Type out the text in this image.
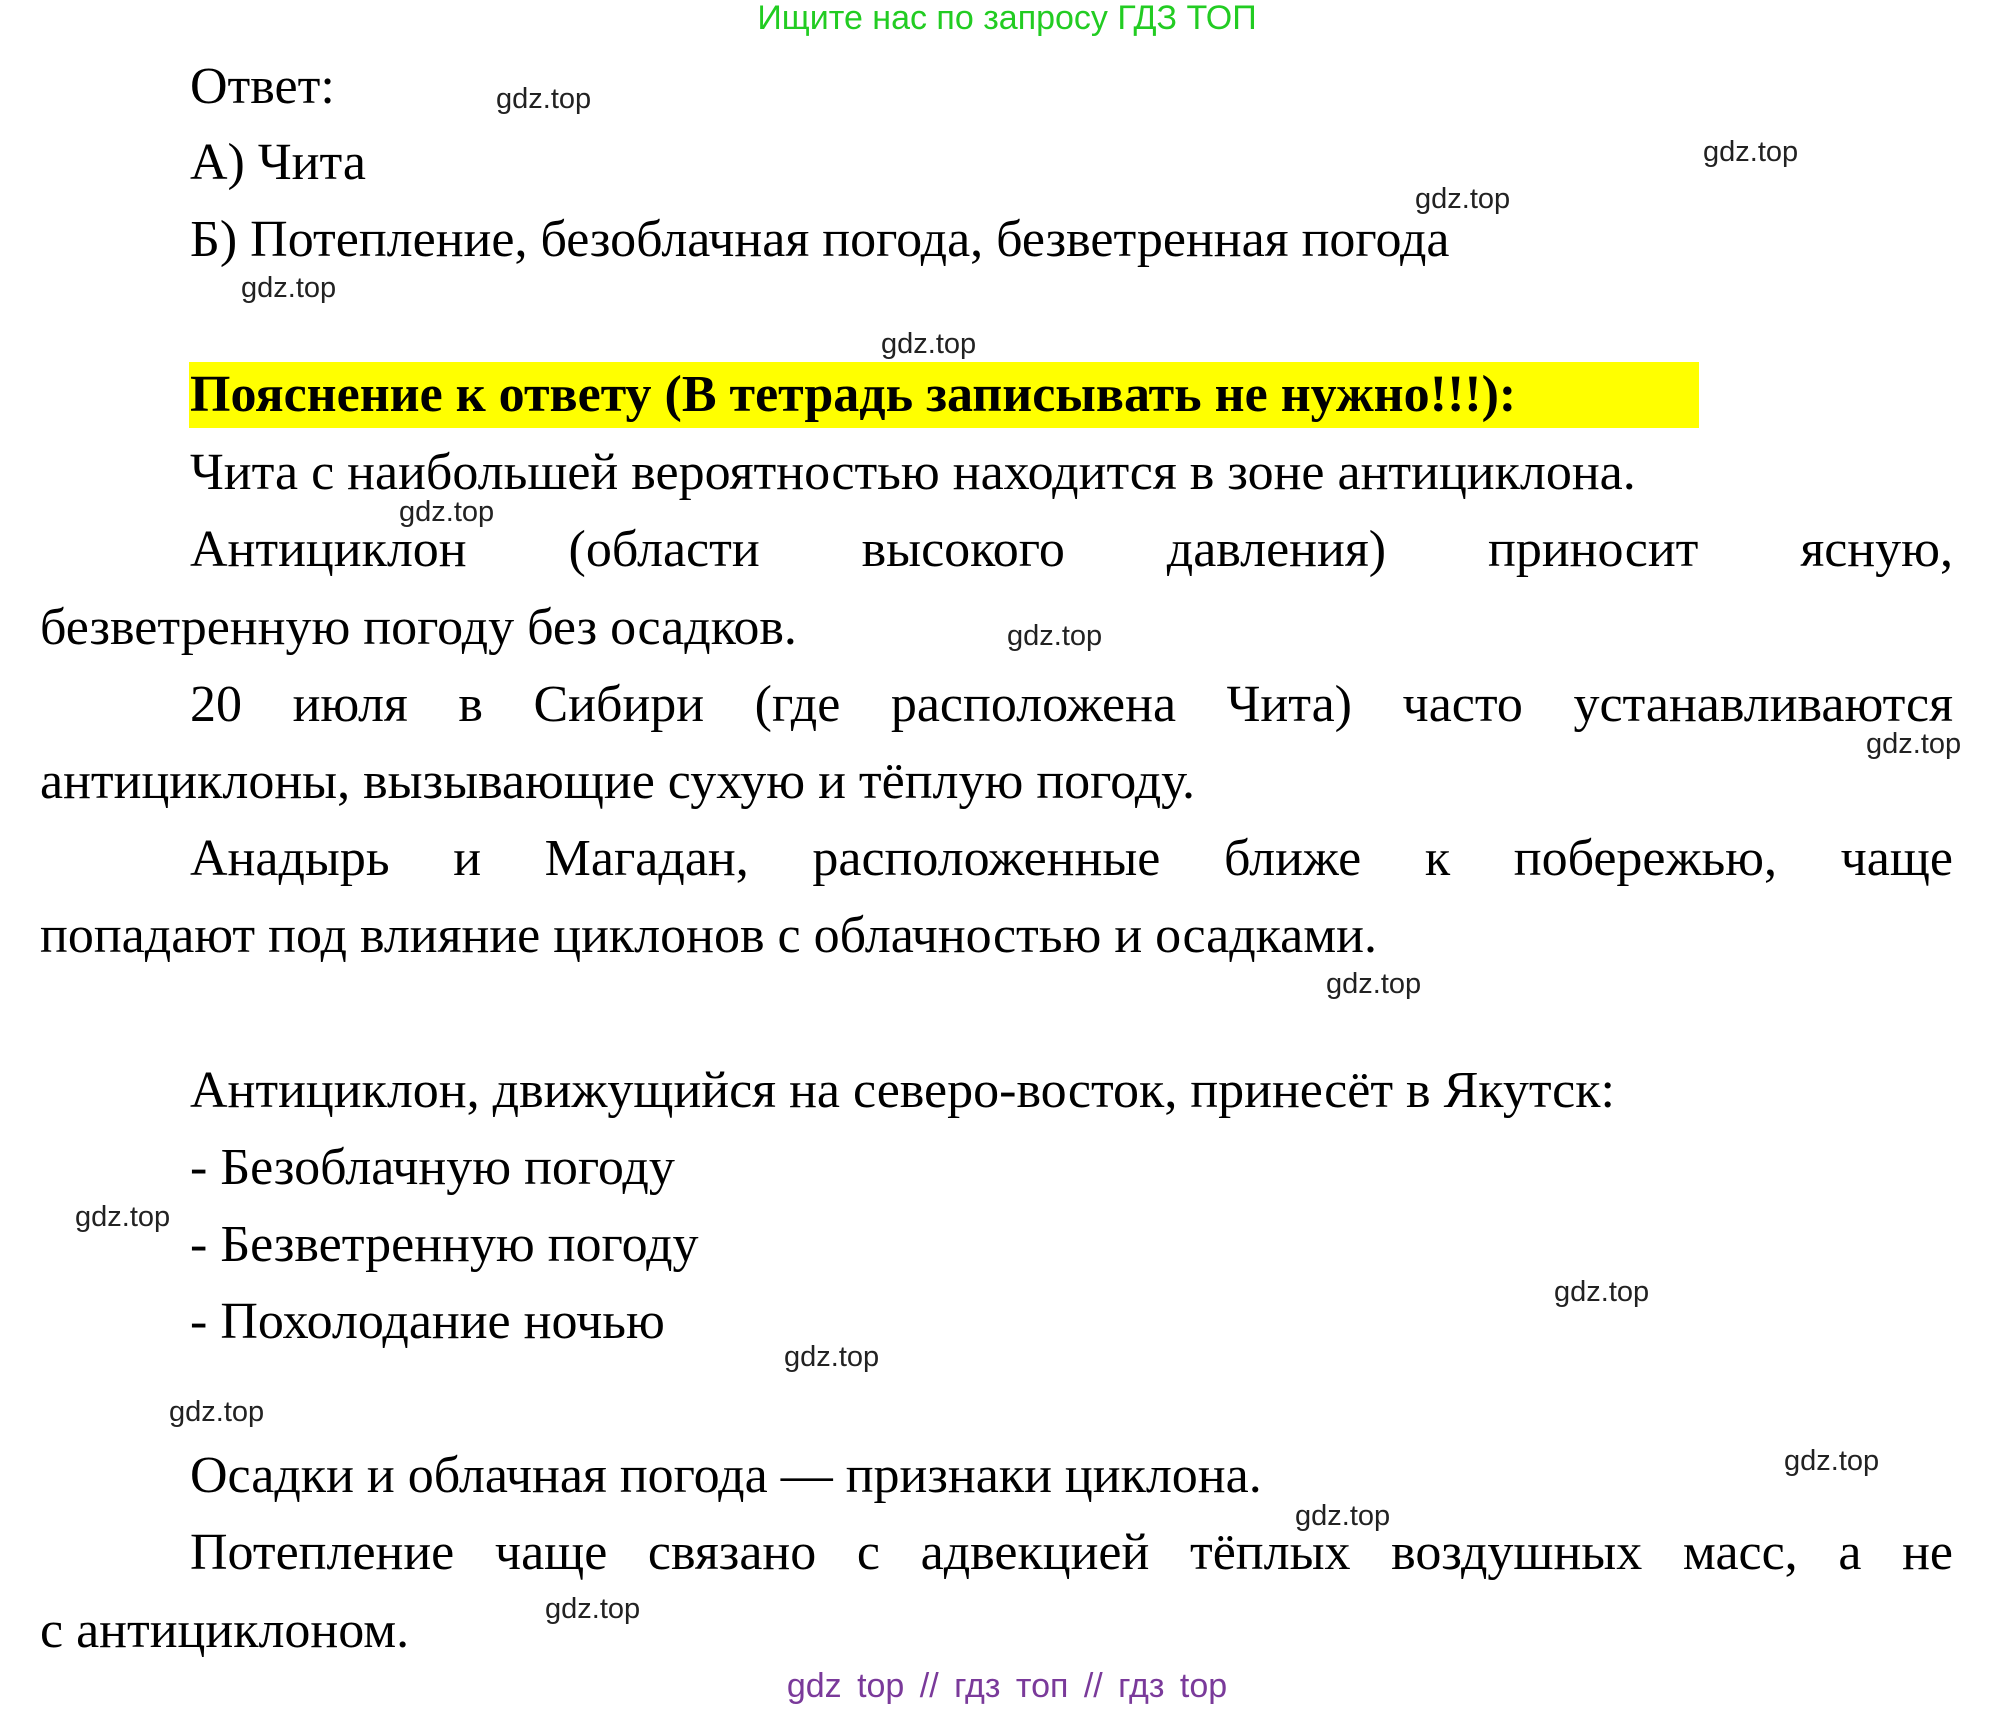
Ищите нас по запросу ГДЗ ТОП
Ответ:
А) Чита
Б) Потепление, безоблачная погода, безветренная погода
Пояснение к ответу (В тетрадь записывать не нужно!!!):
Чита с наибольшей вероятностью находится в зоне антициклона.
Антициклон (области высокого давления) приносит ясную,
безветренную погоду без осадков.
20 июля в Сибири (где расположена Чита) часто устанавливаются
антициклоны, вызывающие сухую и тёплую погоду.
Анадырь и Магадан, расположенные ближе к побережью, чаще
попадают под влияние циклонов с облачностью и осадками.
Антициклон, движущийся на северо-восток, принесёт в Якутск:
- Безоблачную погоду
- Безветренную погоду
- Похолодание ночью
Осадки и облачная погода — признаки циклона.
Потепление чаще связано с адвекцией тёплых воздушных масс, а не
с антициклоном.
gdz.top
gdz.top
gdz.top
gdz.top
gdz.top
gdz.top
gdz.top
gdz.top
gdz.top
gdz.top
gdz.top
gdz.top
gdz.top
gdz.top
gdz.top
gdz.top
gdz top // гдз топ // гдз top
